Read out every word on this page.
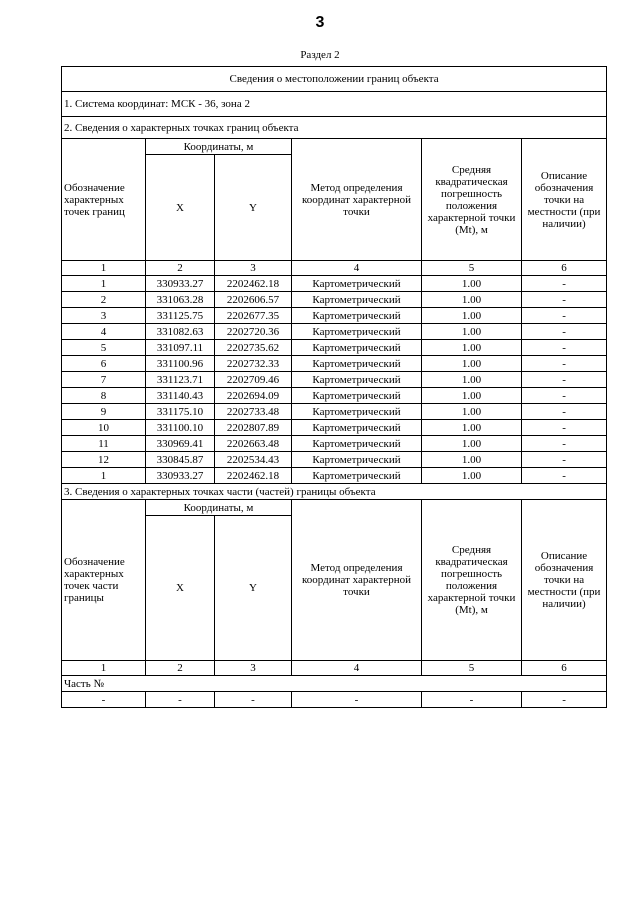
3
Раздел 2
Сведения о местоположении границ объекта					
1. Система координат: МСК - 36, зона 2					
2. Сведения о характерных точках границ объекта					
Обозначение характерных точек границ	Координаты, м		Метод определения координат характерной точки	Средняя квадратическая погрешность положения характерной точки (Mt), м	Описание обозначения точки на местности (при наличии)
	X	Y			
1	2	3	4	5	6
1	330933.27	2202462.18	Картометрический	1.00	-
2	331063.28	2202606.57	Картометрический	1.00	-
3	331125.75	2202677.35	Картометрический	1.00	-
4	331082.63	2202720.36	Картометрический	1.00	-
5	331097.11	2202735.62	Картометрический	1.00	-
6	331100.96	2202732.33	Картометрический	1.00	-
7	331123.71	2202709.46	Картометрический	1.00	-
8	331140.43	2202694.09	Картометрический	1.00	-
9	331175.10	2202733.48	Картометрический	1.00	-
10	331100.10	2202807.89	Картометрический	1.00	-
11	330969.41	2202663.48	Картометрический	1.00	-
12	330845.87	2202534.43	Картометрический	1.00	-
1	330933.27	2202462.18	Картометрический	1.00	-
3. Сведения о характерных точках части (частей) границы объекта					

Обозначение
характерных
точек части
границы	Координаты, м		Метод определения координат характерной точки	Средняя квадратическая погрешность положения характерной точки (Mt), м	Описание обозначения точки на местности (при наличии)
	X	Y			
1	2	3	4	5	6
Часть №					
-	-	-	-	-	-
